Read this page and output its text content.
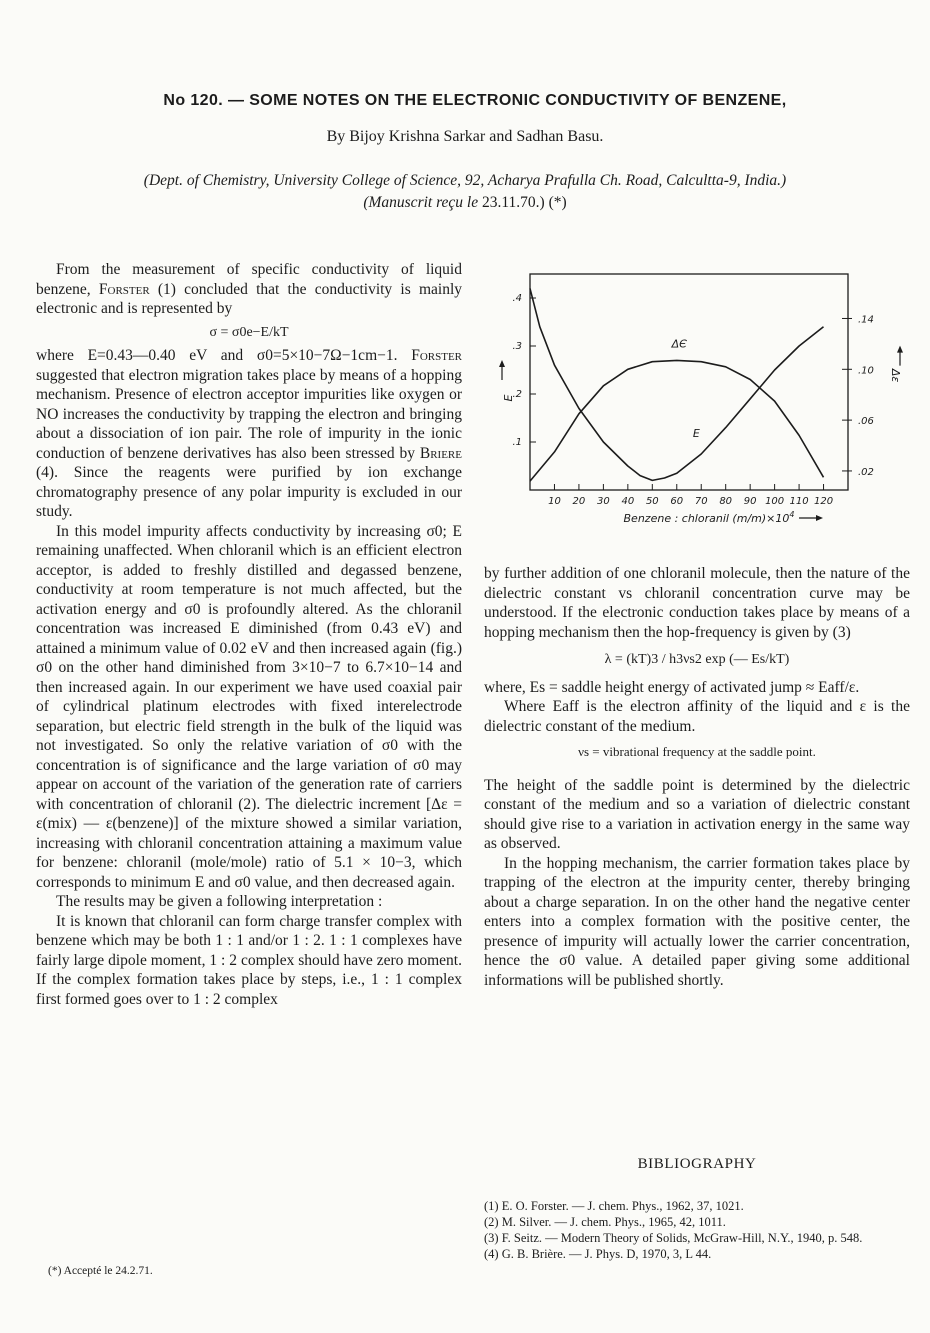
No 120. — SOME NOTES ON THE ELECTRONIC CONDUCTIVITY OF BENZENE,
By Bijoy Krishna Sarkar and Sadhan Basu.
(Dept. of Chemistry, University College of Science, 92, Acharya Prafulla Ch. Road, Calcultta-9, India.)
(Manuscrit reçu le 23.11.70.) (*)

From the measurement of specific conductivity of liquid benzene, Forster (1) concluded that the conductivity is mainly electronic and is represented by

σ = σ0e−E/kT

where E=0.43—0.40 eV and σ0=5×10−7Ω−1cm−1. Forster suggested that electron migration takes place by means of a hopping mechanism. Presence of electron acceptor impurities like oxygen or NO increases the conductivity by trapping the electron and bringing about a dissociation of ion pair. The role of impurity in the ionic conduction of benzene derivatives has also been stressed by Briere (4). Since the reagents were purified by ion exchange chromatography presence of any polar impurity is excluded in our study.

In this model impurity affects conductivity by increasing σ0; E remaining unaffected. When chloranil which is an efficient electron acceptor, is added to freshly distilled and degassed benzene, conductivity at room temperature is not much affected, but the activation energy and σ0 is profoundly altered. As the chloranil concentration was increased E diminished (from 0.43 eV) and attained a minimum value of 0.02 eV and then increased again (fig.) σ0 on the other hand diminished from 3×10−7 to 6.7×10−14 and then increased again. In our experiment we have used coaxial pair of cylindrical platinum electrodes with fixed interelectrode separation, but electric field strength in the bulk of the liquid was not investigated. So only the relative variation of σ0 with the concentration is of significance and the large variation of σ0 may appear on account of the variation of the generation rate of carriers with concentration of chloranil (2). The dielectric increment [Δε = ε(mix) — ε(benzene)] of the mixture showed a similar variation, increasing with chloranil concentration attaining a maximum value for benzene: chloranil (mole/mole) ratio of 5.1 × 10−3, which corresponds to minimum E and σ0 value, and then decreased again.

The results may be given a following interpretation :

It is known that chloranil can form charge transfer complex with benzene which may be both 1 : 1 and/or 1 : 2. 1 : 1 complexes have fairly large dipole moment, 1 : 2 complex should have zero moment. If the complex formation takes place by steps, i.e., 1 : 1 complex first formed goes over to 1 : 2 complex

10 20 30 40 50 60 70 80 90 100 110 120
.1
.2
.3
.4
.02
.06
.10
.14
ΔЄ
E
E
Δε
Benzene : chloranil $(m/m)\times 10^4$

by further addition of one chloranil molecule, then the nature of the dielectric constant vs chloranil concentration curve may be understood. If the electronic conduction takes place by means of a hopping mechanism then the hop-frequency is given by (3)

λ = (kT)3 / h3νs2 exp (— Es/kT)

where, Es = saddle height energy of activated jump ≈ Eaff/ε.

Where Eaff is the electron affinity of the liquid and ε is the dielectric constant of the medium.

νs = vibrational frequency at the saddle point.

The height of the saddle point is determined by the dielectric constant of the medium and so a variation of dielectric constant should give rise to a variation in activation energy in the same way as observed.

In the hopping mechanism, the carrier formation takes place by trapping of the electron at the impurity center, thereby bringing about a charge separation. In on the other hand the negative center enters into a complex formation with the positive center, the presence of impurity will actually lower the carrier concentration, hence the σ0 value. A detailed paper giving some additional informations will be published shortly.

BIBLIOGRAPHY
(1) E. O. Forster. — J. chem. Phys., 1962, 37, 1021.
(2) M. Silver. — J. chem. Phys., 1965, 42, 1011.
(3) F. Seitz. — Modern Theory of Solids, McGraw-Hill, N.Y., 1940, p. 548.
(4) G. B. Brière. — J. Phys. D, 1970, 3, L 44.
(*) Accepté le 24.2.71.
